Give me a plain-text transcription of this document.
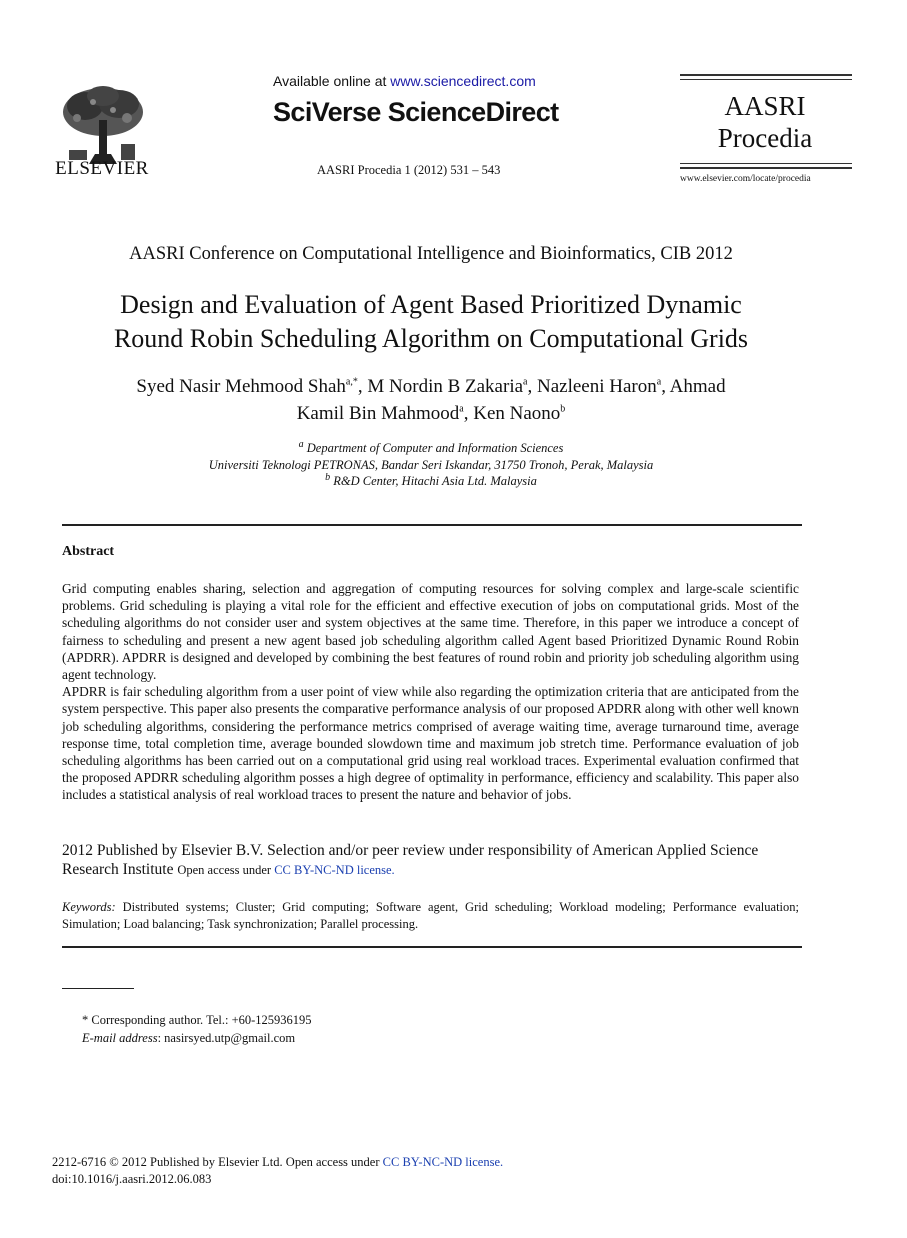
ELSEVIER
Available online at www.sciencedirect.com
SciVerse ScienceDirect
AASRI Procedia 1 (2012) 531 – 543
AASRI
Procedia
www.elsevier.com/locate/procedia
AASRI Conference on Computational Intelligence and Bioinformatics, CIB 2012
Design and Evaluation of Agent Based Prioritized Dynamic
Round Robin Scheduling Algorithm on Computational Grids
Syed Nasir Mehmood Shah$^{a,*}$, M Nordin B Zakaria$^a$, Nazleeni Haron$^a$, Ahmad
Kamil Bin Mahmood$^a$, Ken Naono$^b$
$^a$ Department of Computer and Information Sciences
Universiti Teknologi PETRONAS, Bandar Seri Iskandar, 31750 Tronoh, Perak, Malaysia
$^b$ R&D Center, Hitachi Asia Ltd. Malaysia
Abstract

Grid computing enables sharing, selection and aggregation of computing resources for solving complex and large-scale scientific problems. Grid scheduling is playing a vital role for the efficient and effective execution of jobs on computational grids. Most of the scheduling algorithms do not consider user and system objectives at the same time. Therefore, in this paper we introduce a concept of fairness to scheduling and present a new agent based job scheduling algorithm called Agent based Prioritized Dynamic Round Robin (APDRR). APDRR is designed and developed by combining the best features of round robin and priority job scheduling algorithm using agent technology.

APDRR is fair scheduling algorithm from a user point of view while also regarding the optimization criteria that are anticipated from the system perspective. This paper also presents the comparative performance analysis of our proposed APDRR along with other well known job scheduling algorithms, considering the performance metrics comprised of average waiting time, average turnaround time, average response time, total completion time, average bounded slowdown time and maximum job stretch time. Performance evaluation of job scheduling algorithms has been carried out on a computational grid using real workload traces. Experimental evaluation confirmed that the proposed APDRR scheduling algorithm posses a high degree of optimality in performance, efficiency and scalability. This paper also includes a statistical analysis of real workload traces to present the nature and behavior of jobs.

2012 Published by Elsevier B.V. Selection and/or peer review under responsibility of American Applied Science Research Institute Open access under CC BY-NC-ND license.
Keywords: Distributed systems; Cluster; Grid computing; Software agent, Grid scheduling; Workload modeling; Performance evaluation; Simulation; Load balancing; Task synchronization; Parallel processing.
* Corresponding author. Tel.: +60-125936195
E-mail address: nasirsyed.utp@gmail.com
2212-6716 © 2012 Published by Elsevier Ltd. Open access under CC BY-NC-ND license.
doi:10.1016/j.aasri.2012.06.083
